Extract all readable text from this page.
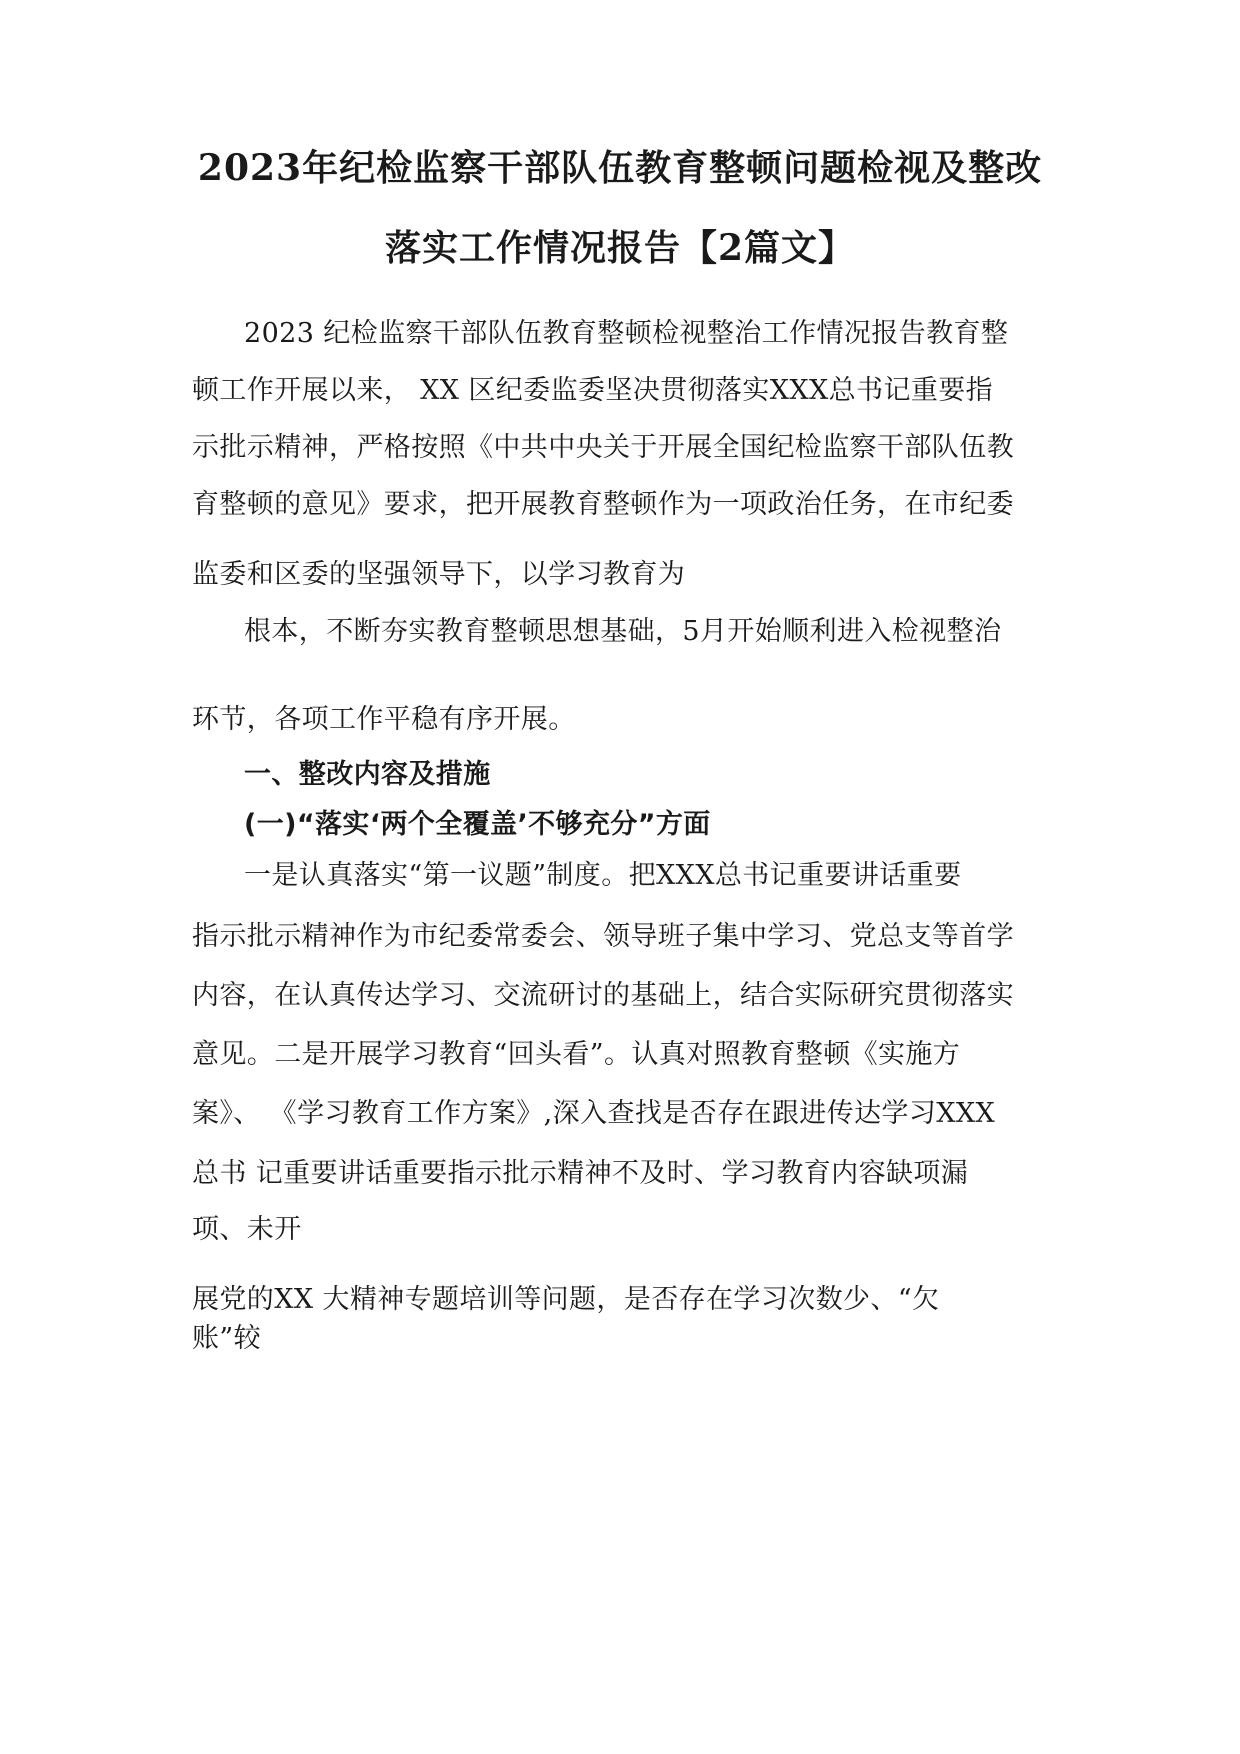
2023年纪检监察干部队伍教育整顿问题检视及整改
落实工作情况报告【2篇文】
2023 纪检监察干部队伍教育整顿检视整治工作情况报告教育整
顿工作开展以来， XX 区纪委监委坚决贯彻落实XXX总书记重要指
示批示精神，严格按照《中共中央关于开展全国纪检监察干部队伍教
育整顿的意见》要求，把开展教育整顿作为一项政治任务，在市纪委
监委和区委的坚强领导下，以学习教育为
根本，不断夯实教育整顿思想基础，5月开始顺利进入检视整治
环节，各项工作平稳有序开展。
一、整改内容及措施
(一)“落实‘两个全覆盖’不够充分”方面
一是认真落实“第一议题”制度。把XXX总书记重要讲话重要
指示批示精神作为市纪委常委会、领导班子集中学习、党总支等首学
内容，在认真传达学习、交流研讨的基础上，结合实际研究贯彻落实
意见。二是开展学习教育“回头看”。认真对照教育整顿《实施方
案》、 《学习教育工作方案》,深入查找是否存在跟进传达学习XXX
总书 记重要讲话重要指示批示精神不及时、学习教育内容缺项漏
项、未开
展党的XX 大精神专题培训等问题，是否存在学习次数少、“欠
账”较
